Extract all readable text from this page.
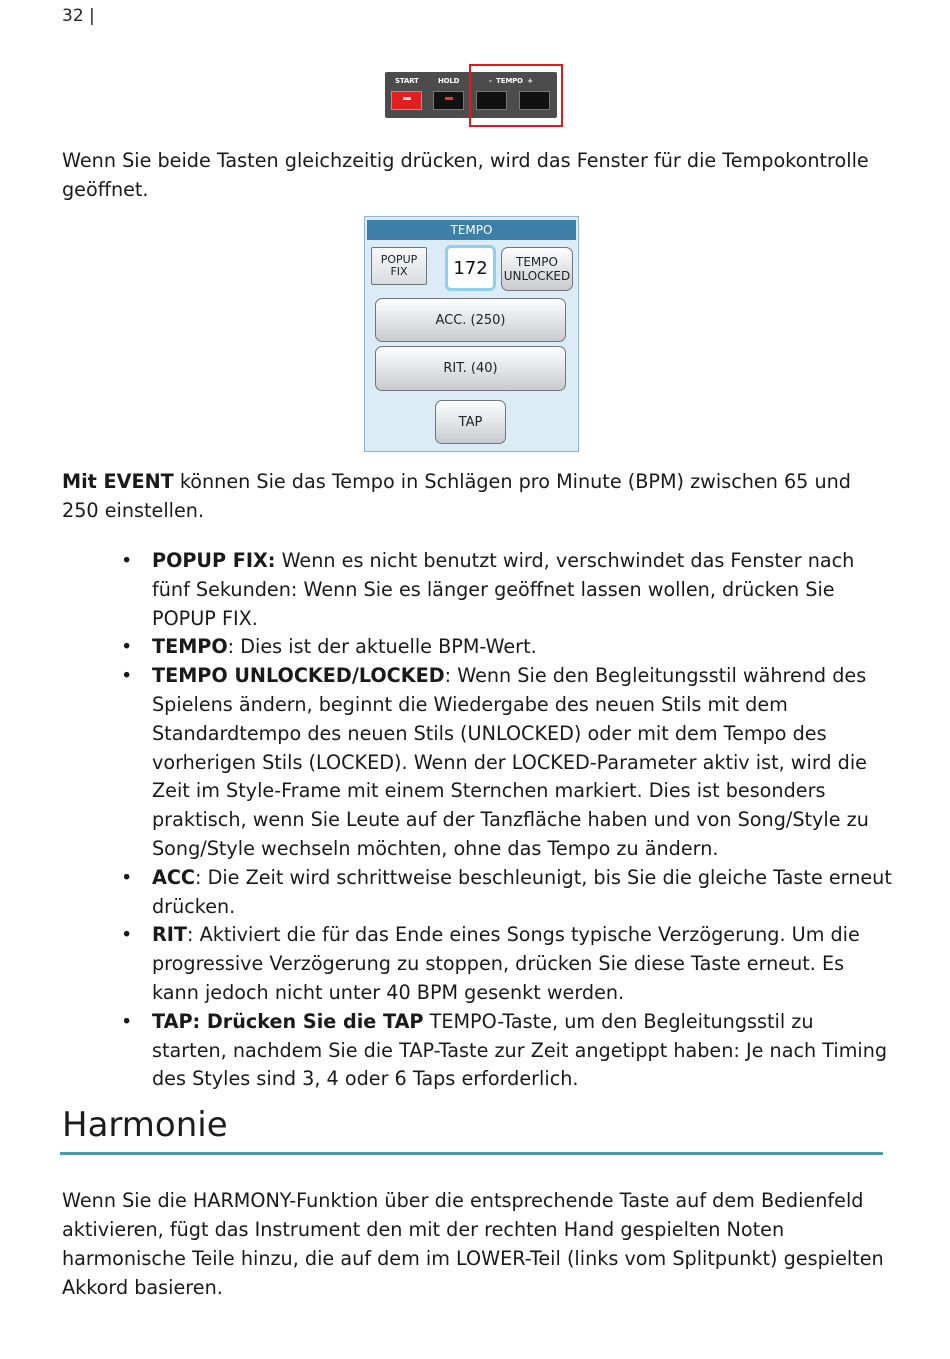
32 |
START	HOLD	-  TEMPO  +

Wenn Sie beide Tasten gleichzeitig drücken, wird das Fenster für die Tempokontrolle geöffnet.

TEMPO
POPUP FIX	172	TEMPO UNLOCKED
ACC. (250)
RIT. (40)
TAP

Mit EVENT können Sie das Tempo in Schlägen pro Minute (BPM) zwischen 65 und 250 einstellen.

• POPUP FIX: Wenn es nicht benutzt wird, verschwindet das Fenster nach fünf Sekunden: Wenn Sie es länger geöffnet lassen wollen, drücken Sie POPUP FIX.
• TEMPO: Dies ist der aktuelle BPM-Wert.
• TEMPO UNLOCKED/LOCKED: Wenn Sie den Begleitungsstil während des Spielens ändern, beginnt die Wiedergabe des neuen Stils mit dem Standardtempo des neuen Stils (UNLOCKED) oder mit dem Tempo des vorherigen Stils (LOCKED). Wenn der LOCKED-Parameter aktiv ist, wird die Zeit im Style-Frame mit einem Sternchen markiert. Dies ist besonders praktisch, wenn Sie Leute auf der Tanzfläche haben und von Song/Style zu Song/Style wechseln möchten, ohne das Tempo zu ändern.
• ACC: Die Zeit wird schrittweise beschleunigt, bis Sie die gleiche Taste erneut drücken.
• RIT: Aktiviert die für das Ende eines Songs typische Verzögerung. Um die progressive Verzögerung zu stoppen, drücken Sie diese Taste erneut. Es kann jedoch nicht unter 40 BPM gesenkt werden.
• TAP: Drücken Sie die TAP TEMPO-Taste, um den Begleitungsstil zu starten, nachdem Sie die TAP-Taste zur Zeit angetippt haben: Je nach Timing des Styles sind 3, 4 oder 6 Taps erforderlich.
Harmonie

Wenn Sie die HARMONY-Funktion über die entsprechende Taste auf dem Bedienfeld aktivieren, fügt das Instrument den mit der rechten Hand gespielten Noten harmonische Teile hinzu, die auf dem im LOWER-Teil (links vom Splitpunkt) gespielten Akkord basieren.
